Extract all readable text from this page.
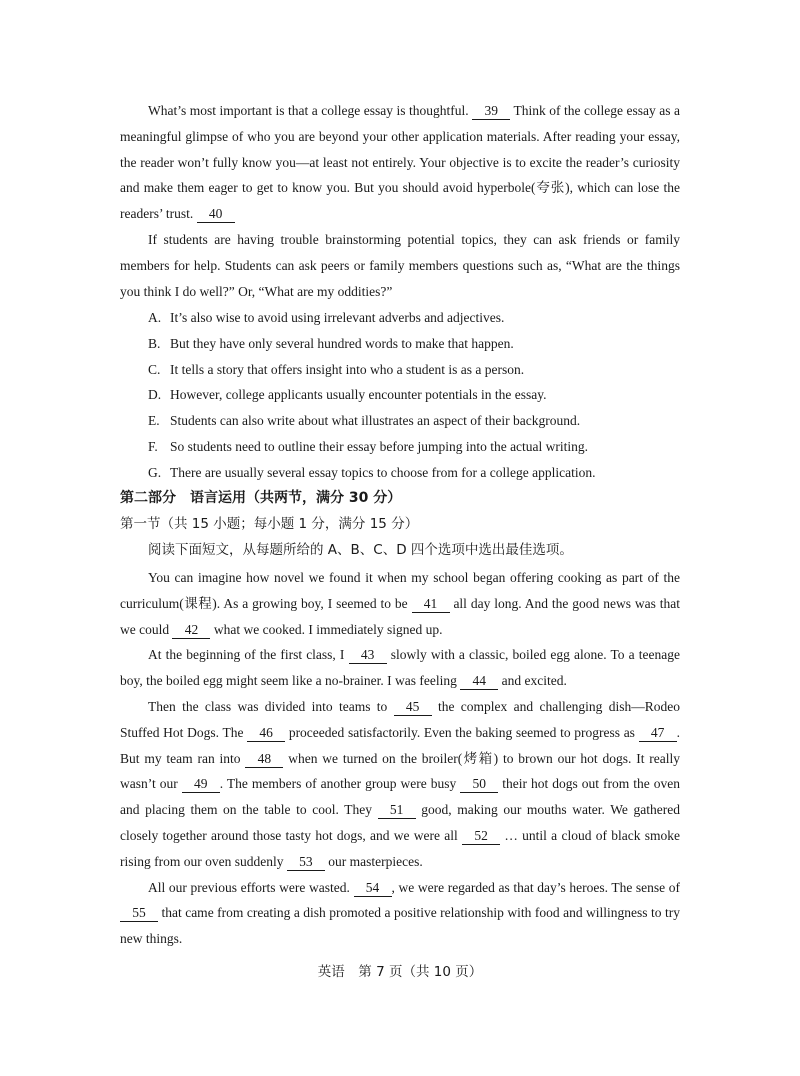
What’s most important is that a college essay is thoughtful. 39 Think of the college essay as a meaningful glimpse of who you are beyond your other application materials. After reading your essay, the reader won’t fully know you—at least not entirely. Your objective is to excite the reader’s curiosity and make them eager to get to know you. But you should avoid hyperbole(夸张), which can lose the readers’ trust. 40

If students are having trouble brainstorming potential topics, they can ask friends or family members for help. Students can ask peers or family members questions such as, “What are the things you think I do well?” Or, “What are my oddities?”

A. It’s also wise to avoid using irrelevant adverbs and adjectives.

B. But they have only several hundred words to make that happen.

C. It tells a story that offers insight into who a student is as a person.

D. However, college applicants usually encounter potentials in the essay.

E. Students can also write about what illustrates an aspect of their background.

F. So students need to outline their essay before jumping into the actual writing.

G. There are usually several essay topics to choose from for a college application.

第二部分　语言运用（共两节，满分 30 分）

第一节（共 15 小题；每小题 1 分，满分 15 分）

阅读下面短文，从每题所给的 A、B、C、D 四个选项中选出最佳选项。

You can imagine how novel we found it when my school began offering cooking as part of the curriculum(课程). As a growing boy, I seemed to be 41 all day long. And the good news was that we could 42 what we cooked. I immediately signed up.

At the beginning of the first class, I 43 slowly with a classic, boiled egg alone. To a teenage boy, the boiled egg might seem like a no-brainer. I was feeling 44 and excited.

Then the class was divided into teams to 45 the complex and challenging dish—Rodeo Stuffed Hot Dogs. The 46 proceeded satisfactorily. Even the baking seemed to progress as 47 . But my team ran into 48 when we turned on the broiler(烤箱) to brown our hot dogs. It really wasn’t our 49 . The members of another group were busy 50 their hot dogs out from the oven and placing them on the table to cool. They 51 good, making our mouths water. We gathered closely together around those tasty hot dogs, and we were all 52 … until a cloud of black smoke rising from our oven suddenly 53 our masterpieces.

All our previous efforts were wasted. 54 , we were regarded as that day’s heroes. The sense of 55 that came from creating a dish promoted a positive relationship with food and willingness to try new things.

英语　第 7 页（共 10 页）
